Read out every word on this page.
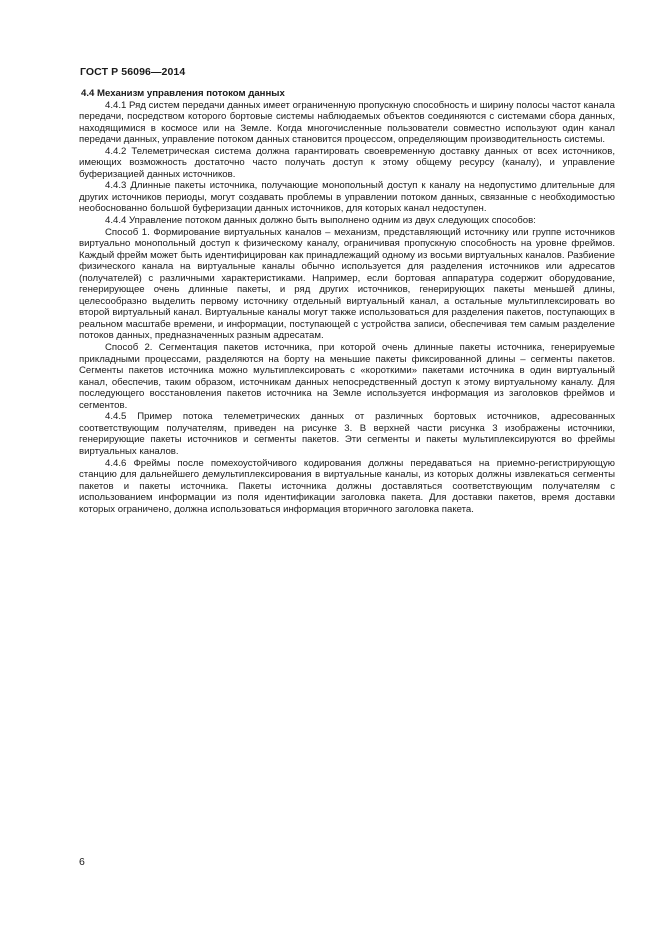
ГОСТ Р 56096—2014

4.4 Механизм управления потоком данных

4.4.1 Ряд систем передачи данных имеет ограниченную пропускную способность и ширину полосы частот канала передачи, посредством которого бортовые системы наблюдаемых объектов соединяются с системами сбора данных, находящимися в космосе или на Земле. Когда многочисленные пользователи совместно используют один канал передачи данных, управление потоком данных становится процессом, определяющим производительность системы.

4.4.2 Телеметрическая система должна гарантировать своевременную доставку данных от всех источников, имеющих возможность достаточно часто получать доступ к этому общему ресурсу (каналу), и управление буферизацией данных источников.

4.4.3 Длинные пакеты источника, получающие монопольный доступ к каналу на недопустимо длительные для других источников периоды, могут создавать проблемы в управлении потоком данных, связанные с необходимостью необоснованно большой буферизации данных источников, для которых канал недоступен.

4.4.4 Управление потоком данных должно быть выполнено одним из двух следующих способов:

Способ 1. Формирование виртуальных каналов – механизм, представляющий источнику или группе источников виртуально монопольный доступ к физическому каналу, ограничивая пропускную способность на уровне фреймов. Каждый фрейм может быть идентифицирован как принадлежащий одному из восьми виртуальных каналов. Разбиение физического канала на виртуальные каналы обычно используется для разделения источников или адресатов (получателей) с различными характеристиками. Например, если бортовая аппаратура содержит оборудование, генерирующее очень длинные пакеты, и ряд других источников, генерирующих пакеты меньшей длины, целесообразно выделить первому источнику отдельный виртуальный канал, а остальные мультиплексировать во второй виртуальный канал. Виртуальные каналы могут также использоваться для разделения пакетов, поступающих в реальном масштабе времени, и информации, поступающей с устройства записи, обеспечивая тем самым разделение потоков данных, предназначенных разным адресатам.

Способ 2. Сегментация пакетов источника, при которой очень длинные пакеты источника, генерируемые прикладными процессами, разделяются на борту на меньшие пакеты фиксированной длины – сегменты пакетов. Сегменты пакетов источника можно мультиплексировать с «короткими» пакетами источника в один виртуальный канал, обеспечив, таким образом, источникам данных непосредственный доступ к этому виртуальному каналу. Для последующего восстановления пакетов источника на Земле используется информация из заголовков фреймов и сегментов.

4.4.5 Пример потока телеметрических данных от различных бортовых источников, адресованных соответствующим получателям, приведен на рисунке 3. В верхней части рисунка 3 изображены источники, генерирующие пакеты источников и сегменты пакетов. Эти сегменты и пакеты мультиплексируются во фреймы виртуальных каналов.

4.4.6 Фреймы после помехоустойчивого кодирования должны передаваться на приемно-регистрирующую станцию для дальнейшего демультиплексирования в виртуальные каналы, из которых должны извлекаться сегменты пакетов и пакеты источника. Пакеты источника должны доставляться соответствующим получателям с использованием информации из поля идентификации заголовка пакета. Для доставки пакетов, время доставки которых ограничено, должна использоваться информация вторичного заголовка пакета.

6
